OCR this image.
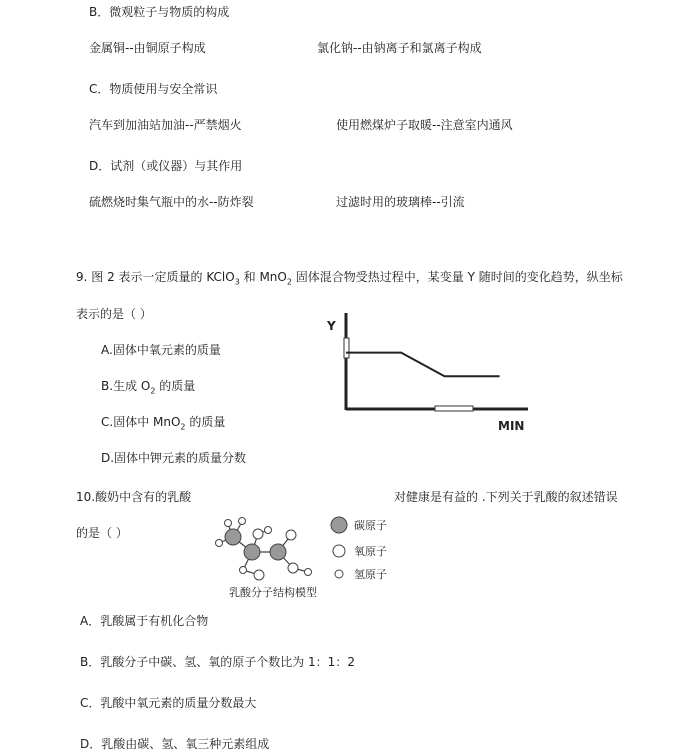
B．微观粒子与物质的构成
金属铜--由铜原子构成	氯化钠--由钠离子和氯离子构成
C．物质使用与安全常识
汽车到加油站加油--严禁烟火	使用燃煤炉子取暖--注意室内通风
D．试剂（或仪器）与其作用
硫燃烧时集气瓶中的水--防炸裂	过滤时用的玻璃棒--引流
9. 图 2 表示一定质量的 KClO$_3$ 和 MnO$_2$ 固体混合物受热过程中，某变量 Y 随时间的变化趋势，纵坐标
表示的是（ ）
A.固体中氧元素的质量
B.生成 $O_2$ 的质量
C.固体中 MnO$_2$ 的质量
D.固体中钾元素的质量分数
Y
MIN
10.酸奶中含有的乳酸	对健康是有益的 .下列关于乳酸的叙述错误
的是（ ）
碳原子
氧原子
氢原子
乳酸分子结构模型
A．乳酸属于有机化合物
B．乳酸分子中碳、氢、氧的原子个数比为 1：1：2
C．乳酸中氧元素的质量分数最大
D．乳酸由碳、氢、氧三种元素组成
